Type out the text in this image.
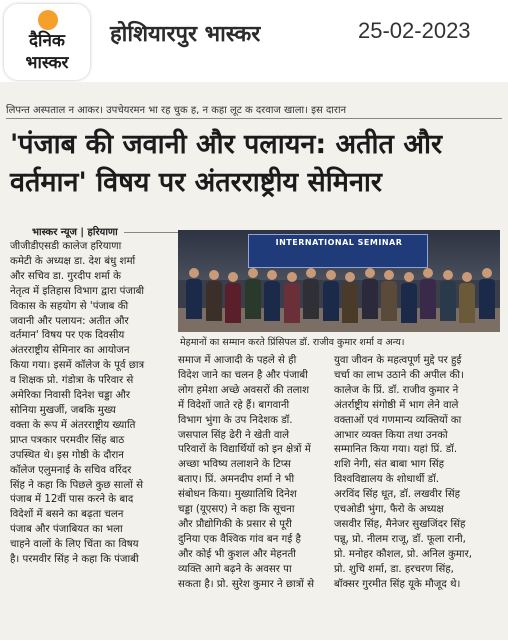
दैनिक
भास्कर
होशियारपुर भास्कर	25-02-2023
लिपन्त अस्पताल न आकर। उपचेयरमन भा रह चुक ह, न कहा लूट क दरवाज खाला। इस दारान
'पंजाब की जवानी और पलायन: अतीत और
वर्तमान' विषय पर अंतरराष्ट्रीय सेमिनार
भास्कर न्यूज | हरियाणा
जीजीडीएसडी कालेज हरियाणा
कमेटी के अध्यक्ष डा. देश बंधु शर्मा
और सचिव डा. गुरदीप शर्मा के
नेतृत्व में इतिहास विभाग द्वारा पंजाबी
विकास के सहयोग से 'पंजाब की
जवानी और पलायन: अतीत और
वर्तमान' विषय पर एक दिवसीय
अंतरराष्ट्रीय सेमिनार का आयोजन
किया गया। इसमें कॉलेज के पूर्व छात्र
व शिक्षक प्रो. गंडोत्रा के परिवार से
अमेरिका निवासी दिनेश चड्डा और
सोनिया मुखर्जी, जबकि मुख्य
वक्ता के रूप में अंतरराष्ट्रीय ख्याति
प्राप्त पत्रकार परमवीर सिंह बाठ
उपस्थित थे। इस गोष्ठी के दौरान
कॉलेज एलुमनाई के सचिव वरिंदर
सिंह ने कहा कि पिछले कुछ सालों से
पंजाब में 12वीं पास करने के बाद
विदेशों में बसने का बढ़ता चलन
पंजाब और पंजाबियत का भला
चाहने वालों के लिए चिंता का विषय
है। परमवीर सिंह ने कहा कि पंजाबी
INTERNATIONAL SEMINAR
मेहमानों का सम्मान करते प्रिंसिपल डॉ. राजीव कुमार शर्मा व अन्य।
समाज में आजादी के पहले से ही
विदेश जाने का चलन है और पंजाबी
लोग हमेशा अच्छे अवसरों की तलाश
में विदेशों जाते रहे हैं। बागवानी
विभाग भुंगा के उप निदेशक डॉ.
जसपाल सिंह ढेरी ने खेती वाले
परिवारों के विद्यार्थियों को इन क्षेत्रों में
अच्छा भविष्य तलाशने के टिप्स
बताए। प्रिं. अमनदीप शर्मा ने भी
संबोधन किया। मुख्यातिथि दिनेश
चड्डा (यूएसए) ने कहा कि सूचना
और प्रौद्योगिकी के प्रसार से पूरी
दुनिया एक वैश्विक गांव बन गई है
और कोई भी कुशल और मेहनती
व्यक्ति आगे बढ़ने के अवसर पा
सकता है। प्रो. सुरेश कुमार ने छात्रों से
युवा जीवन के महत्वपूर्ण मुद्दे पर हुई
चर्चा का लाभ उठाने की अपील की।
कालेज के प्रिं. डॉ. राजीव कुमार ने
अंतर्राष्ट्रीय संगोष्ठी में भाग लेने वाले
वक्ताओं एवं गणमान्य व्यक्तियों का
आभार व्यक्त किया तथा उनको
सम्मानित किया गया। यहां प्रिं. डॉ.
शशि नेगी, संत बाबा भाग सिंह
विश्वविद्यालय के शोधार्थी डॉ.
अरविंद सिंह धूत, डॉ. लखवीर सिंह
एचओडी भुंगा, फैरो के अध्यक्ष
जसवीर सिंह, मैनेजर सुखजिंदर सिंह
पन्नू, प्रो. नीलम राजू, डॉ. फूला रानी,
प्रो. मनोहर कौशल, प्रो. अनिल कुमार,
प्रो. शुचि शर्मा, डा. हरचरण सिंह,
बॉक्सर गुरमीत सिंह यूके मौजूद थे।
